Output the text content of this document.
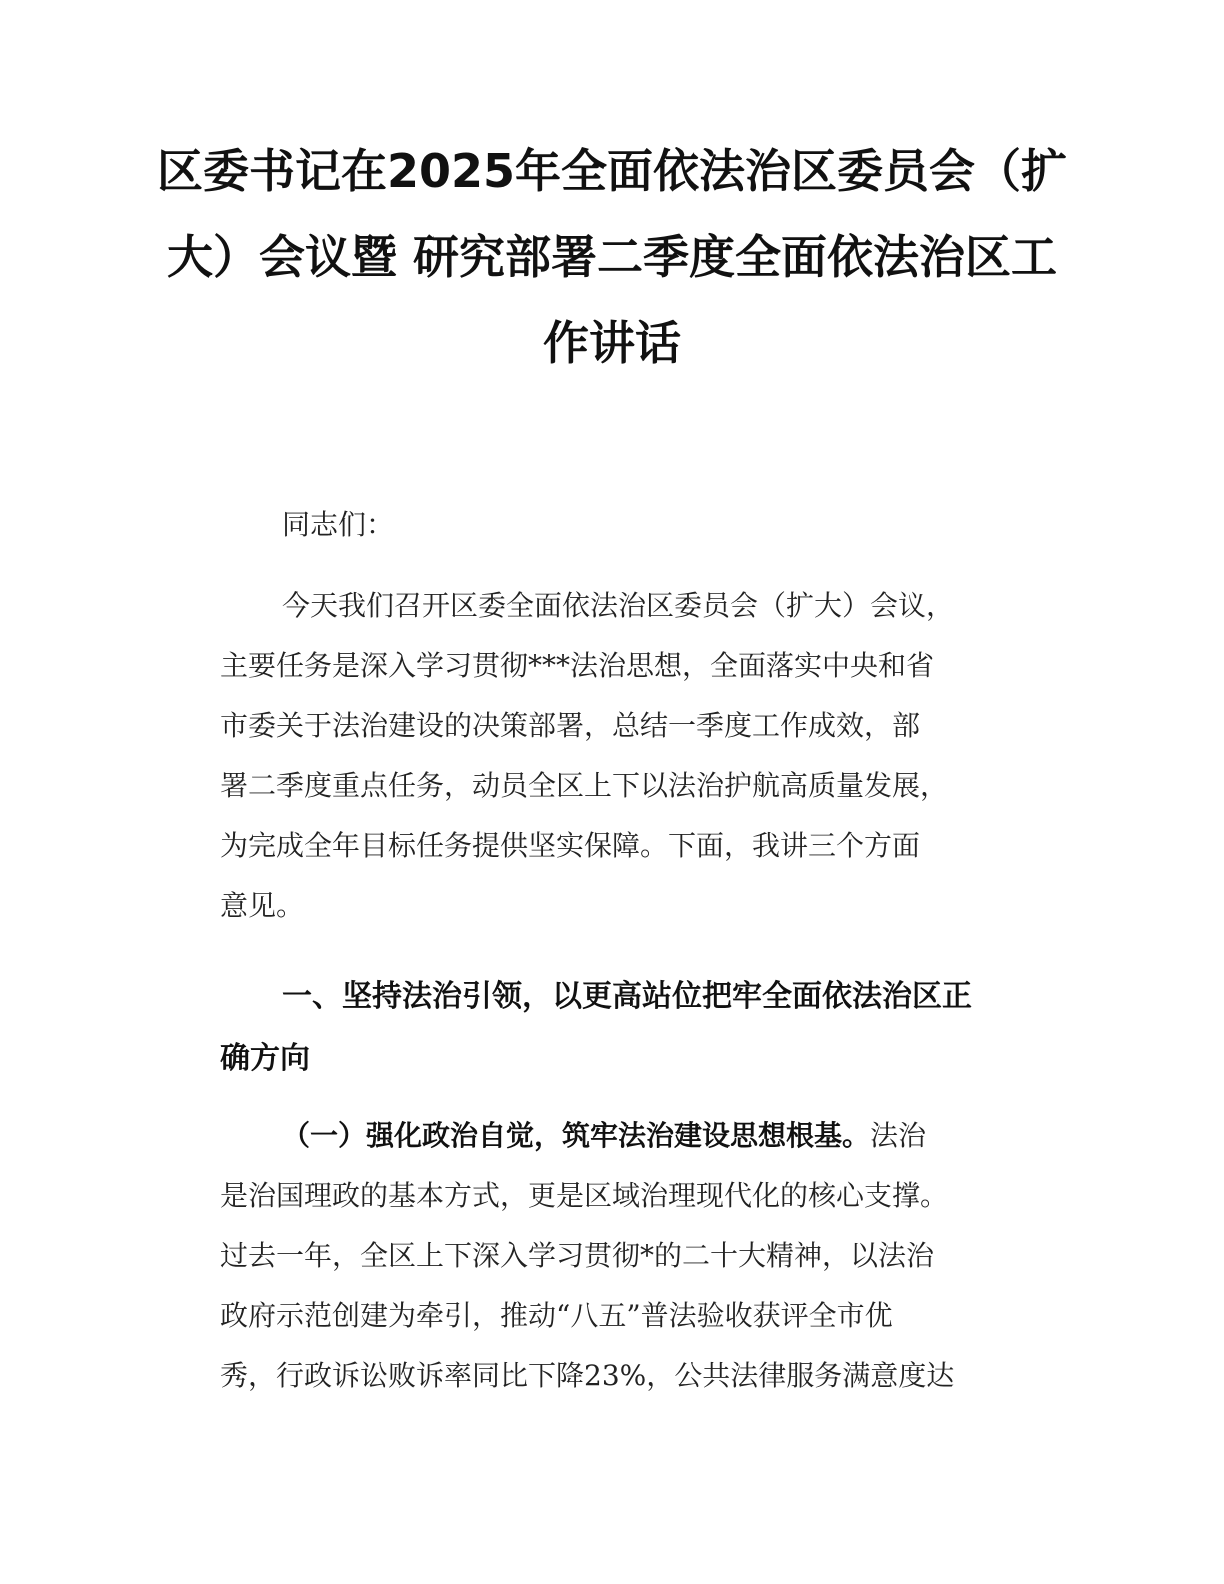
区委书记在2025年全面依法治区委员会（扩
大）会议暨 研究部署二季度全面依法治区工
作讲话
同志们：
今天我们召开区委全面依法治区委员会（扩大）会议，
主要任务是深入学习贯彻***法治思想，全面落实中央和省
市委关于法治建设的决策部署，总结一季度工作成效，部
署二季度重点任务，动员全区上下以法治护航高质量发展，
为完成全年目标任务提供坚实保障。下面，我讲三个方面
意见。
一、坚持法治引领，以更高站位把牢全面依法治区正
确方向
（一）强化政治自觉，筑牢法治建设思想根基。法治
是治国理政的基本方式，更是区域治理现代化的核心支撑。
过去一年，全区上下深入学习贯彻*的二十大精神，以法治
政府示范创建为牵引，推动“八五”普法验收获评全市优
秀，行政诉讼败诉率同比下降23%，公共法律服务满意度达
